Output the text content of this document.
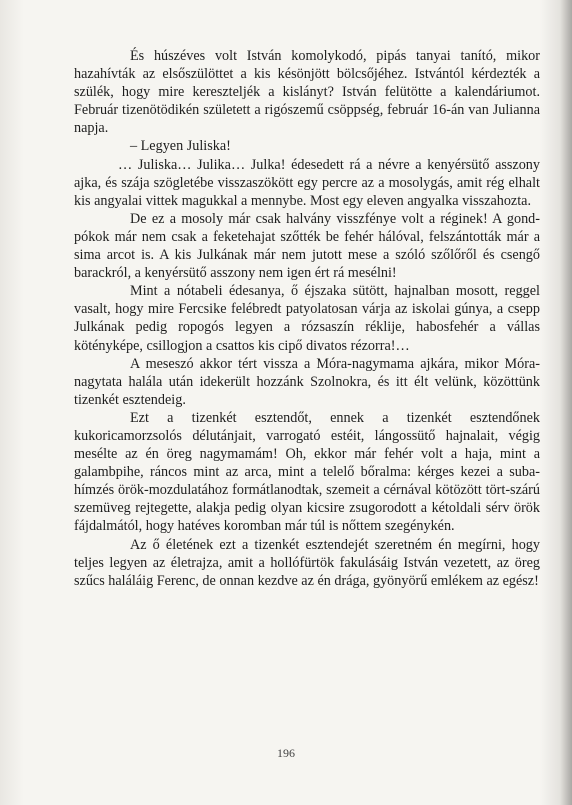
És húszéves volt István komolykodó, pipás tanyai tanító, mikor hazahívták az elsőszülöttet a kis késönjött bölcsőjéhez. Istvántól kérdezték a szülék, hogy mire kereszteljék a kislányt? István felütötte a kalendáriumot. Február tizenötödikén született a rigószemű csöppség, február 16-án van Julianna napja.

– Legyen Juliska!

… Juliska… Julika… Julka! édesedett rá a névre a kenyérsütő asszony ajka, és szája szögletébe visszaszökött egy percre az a mosolygás, amit rég elhalt kis angyalai vittek magukkal a mennybe. Most egy eleven angyalka visszahozta.

De ez a mosoly már csak halvány visszfénye volt a réginek! A gond-pókok már nem csak a feketehajat szőtték be fehér hálóval, felszántották már a sima arcot is. A kis Julkának már nem jutott mese a szóló szőlőről és csengő barackról, a kenyérsütő asszony nem igen ért rá mesélni!

Mint a nótabeli édesanya, ő éjszaka sütött, hajnalban mosott, reggel vasalt, hogy mire Fercsike felébredt patyolatosan várja az iskolai gúnya, a csepp Julkának pedig ropogós legyen a rózsaszín réklije, habosfehér a vállas kötényképe, csillogjon a csattos kis cipő divatos rézorra!…

A meseszó akkor tért vissza a Móra-nagymama ajkára, mikor Móra-nagytata halála után idekerült hozzánk Szolnokra, és itt élt velünk, közöttünk tizenkét esztendeig.

Ezt a tizenkét esztendőt, ennek a tizenkét esztendőnek kukoricamorzsolós délutánjait, varrogató estéit, lángossütő hajnalait, végig mesélte az én öreg nagymamám! Oh, ekkor már fehér volt a haja, mint a galambpihe, ráncos mint az arca, mint a telelő bőralma: kérges kezei a suba-hímzés örök-mozdulatához formátlanodtak, szemeit a cérnával kötözött tört-szárú szemüveg rejtegette, alakja pedig olyan kicsire zsugorodott a kétoldali sérv örök fájdalmától, hogy hatéves koromban már túl is nőttem szegénykén.

Az ő életének ezt a tizenkét esztendejét szeretném én megírni, hogy teljes legyen az életrajza, amit a hollófürtök fakulásáig István vezetett, az öreg szűcs haláláig Ferenc, de onnan kezdve az én drága, gyönyörű emlékem az egész!

196
